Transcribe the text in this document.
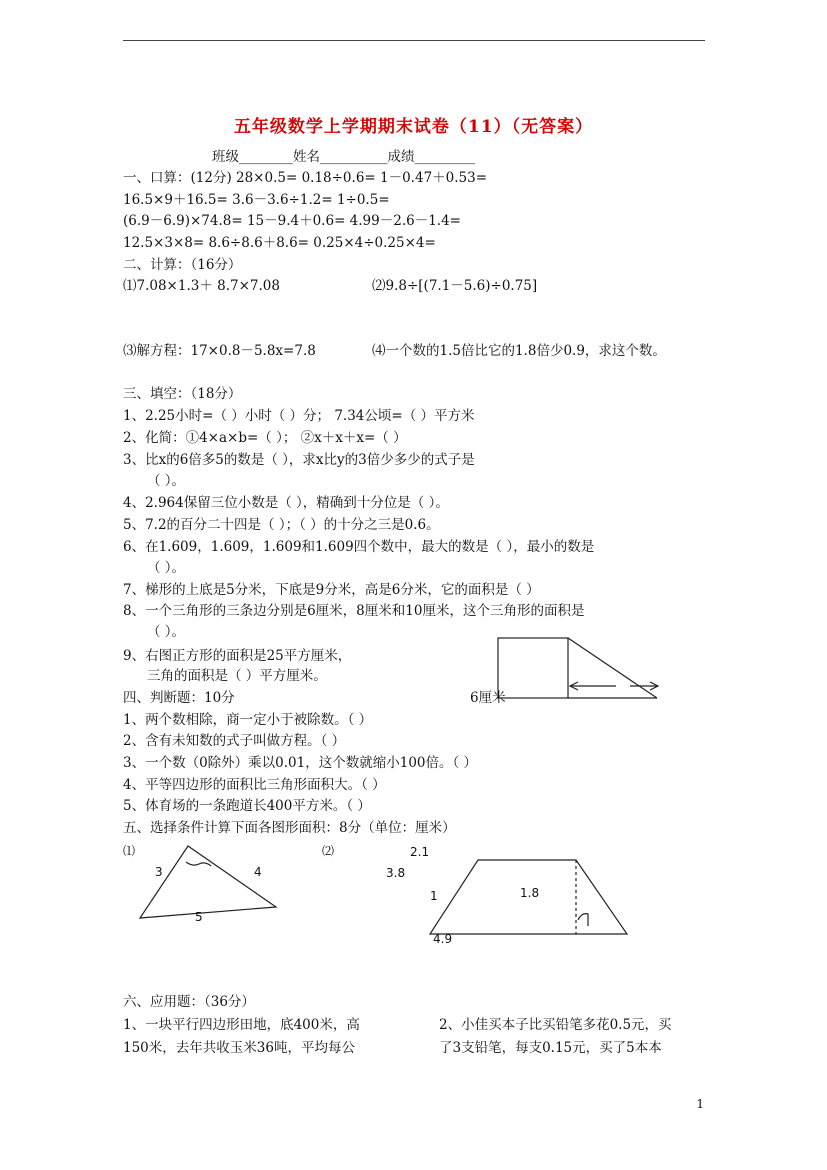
五年级数学上学期期末试卷（11）（无答案）
班级________姓名__________成绩_________
一、口算：(12分) 28×0.5= 0.18÷0.6= 1－0.47＋0.53=
16.5×9＋16.5= 3.6－3.6÷1.2= 1÷0.5=
(6.9－6.9)×74.8= 15－9.4＋0.6= 4.99－2.6－1.4=
12.5×3×8= 8.6÷8.6＋8.6= 0.25×4÷0.25×4=
二、计算：（16分）
⑴7.08×1.3＋ 8.7×7.08	⑵9.8÷[(7.1－5.6)÷0.75]
⑶解方程：17×0.8－5.8x=7.8	⑷一个数的1.5倍比它的1.8倍少0.9，求这个数。
三、填空：（18分）
1、2.25小时=（ ）小时（ ）分； 7.34公顷=（ ）平方米
2、化简：①4×a×b=（ ）； ②x＋x＋x=（ ）
3、比x的6倍多5的数是（ ），求x比y的3倍少多少的式子是
（ ）。
4、2.964保留三位小数是（ ），精确到十分位是（ ）。
5、7.2的百分二十四是（ ）；（ ）的十分之三是0.6。
6、在1.609，1.609，1.609和1.609四个数中，最大的数是（ ），最小的数是
（ ）。
7、梯形的上底是5分米，下底是9分米，高是6分米，它的面积是（ ）
8、一个三角形的三条边分别是6厘米，8厘米和10厘米，这个三角形的面积是
（ ）。
9、右图正方形的面积是25平方厘米，
三角的面积是（ ）平方厘米。
四、判断题：10分	6厘米
1、两个数相除，商一定小于被除数。（ ）
2、含有未知数的式子叫做方程。（ ）
3、一个数（0除外）乘以0.01，这个数就缩小100倍。（ ）
4、平等四边形的面积比三角形面积大。（ ）
5、体育场的一条跑道长400平方米。（ ）
五、选择条件计算下面各图形面积：8分（单位：厘米）
六、应用题：（36分）
1、一块平行四边形田地，底400米，高
150米，去年共收玉米36吨，平均每公
2、小佳买本子比买铅笔多花0.5元，买
了3支铅笔，每支0.15元，买了5本本
1
⑴
3	4
5
⑵	2.1
3.8
1	1.8
4.9
